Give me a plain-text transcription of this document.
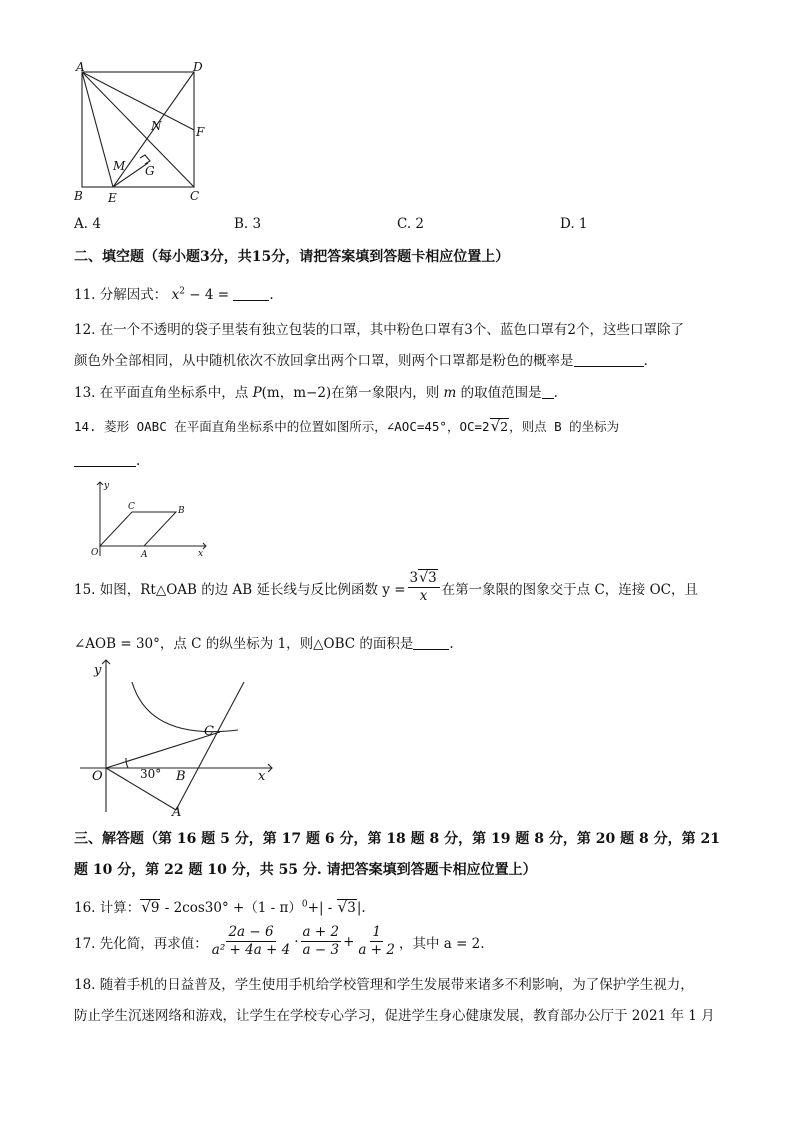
A	D
B	C
E
F
N
M G
A. 4	B. 3	C. 2	D. 1
二、填空题（每小题3分，共15分，请把答案填到答题卡相应位置上）
11. 分解因式： $x^2 - 4$ =	.
12. 在一个不透明的袋子里装有独立包装的口罩，其中粉色口罩有3个、蓝色口罩有2个，这些口罩除了
颜色外全部相同，从中随机依次不放回拿出两个口罩，则两个口罩都是粉色的概率是	.
13. 在平面直角坐标系中，点 P(m，m−2)在第一象限内，则 m 的取值范围是 .
14. 菱形 OABC 在平面直角坐标系中的位置如图所示，∠AOC=45°，OC=2√2，则点 B 的坐标为
.
y
x
O	A
B
C
15. 如图，Rt△OAB 的边 AB 延长线与反比例函数 $y = \frac{3√3}{x}$ 在第一象限的图象交于点 C，连接 OC，且
∠AOB = 30°，点 C 的纵坐标为 1，则△OBC 的面积是	.
y
x
O
A
B
C
30°
三、解答题（第 16 题 5 分，第 17 题 6 分，第 18 题 8 分，第 19 题 8 分，第 20 题 8 分，第 21
题 10 分，第 22 题 10 分，共 55 分. 请把答案填到答题卡相应位置上）
16. 计算：√9 - 2cos30° +（1 - π）$^0$+| - √3|.
17. 先化简，再求值： $\frac{2a - 6}{\text{a² + 4a + 4}} \cdot \frac{a + 2}{a - 3} + \frac{1}{a + 2}$ ，其中 a = 2.
18. 随着手机的日益普及，学生使用手机给学校管理和学生发展带来诸多不利影响，为了保护学生视力，
防止学生沉迷网络和游戏，让学生在学校专心学习，促进学生身心健康发展，教育部办公厅于 2021 年 1 月
